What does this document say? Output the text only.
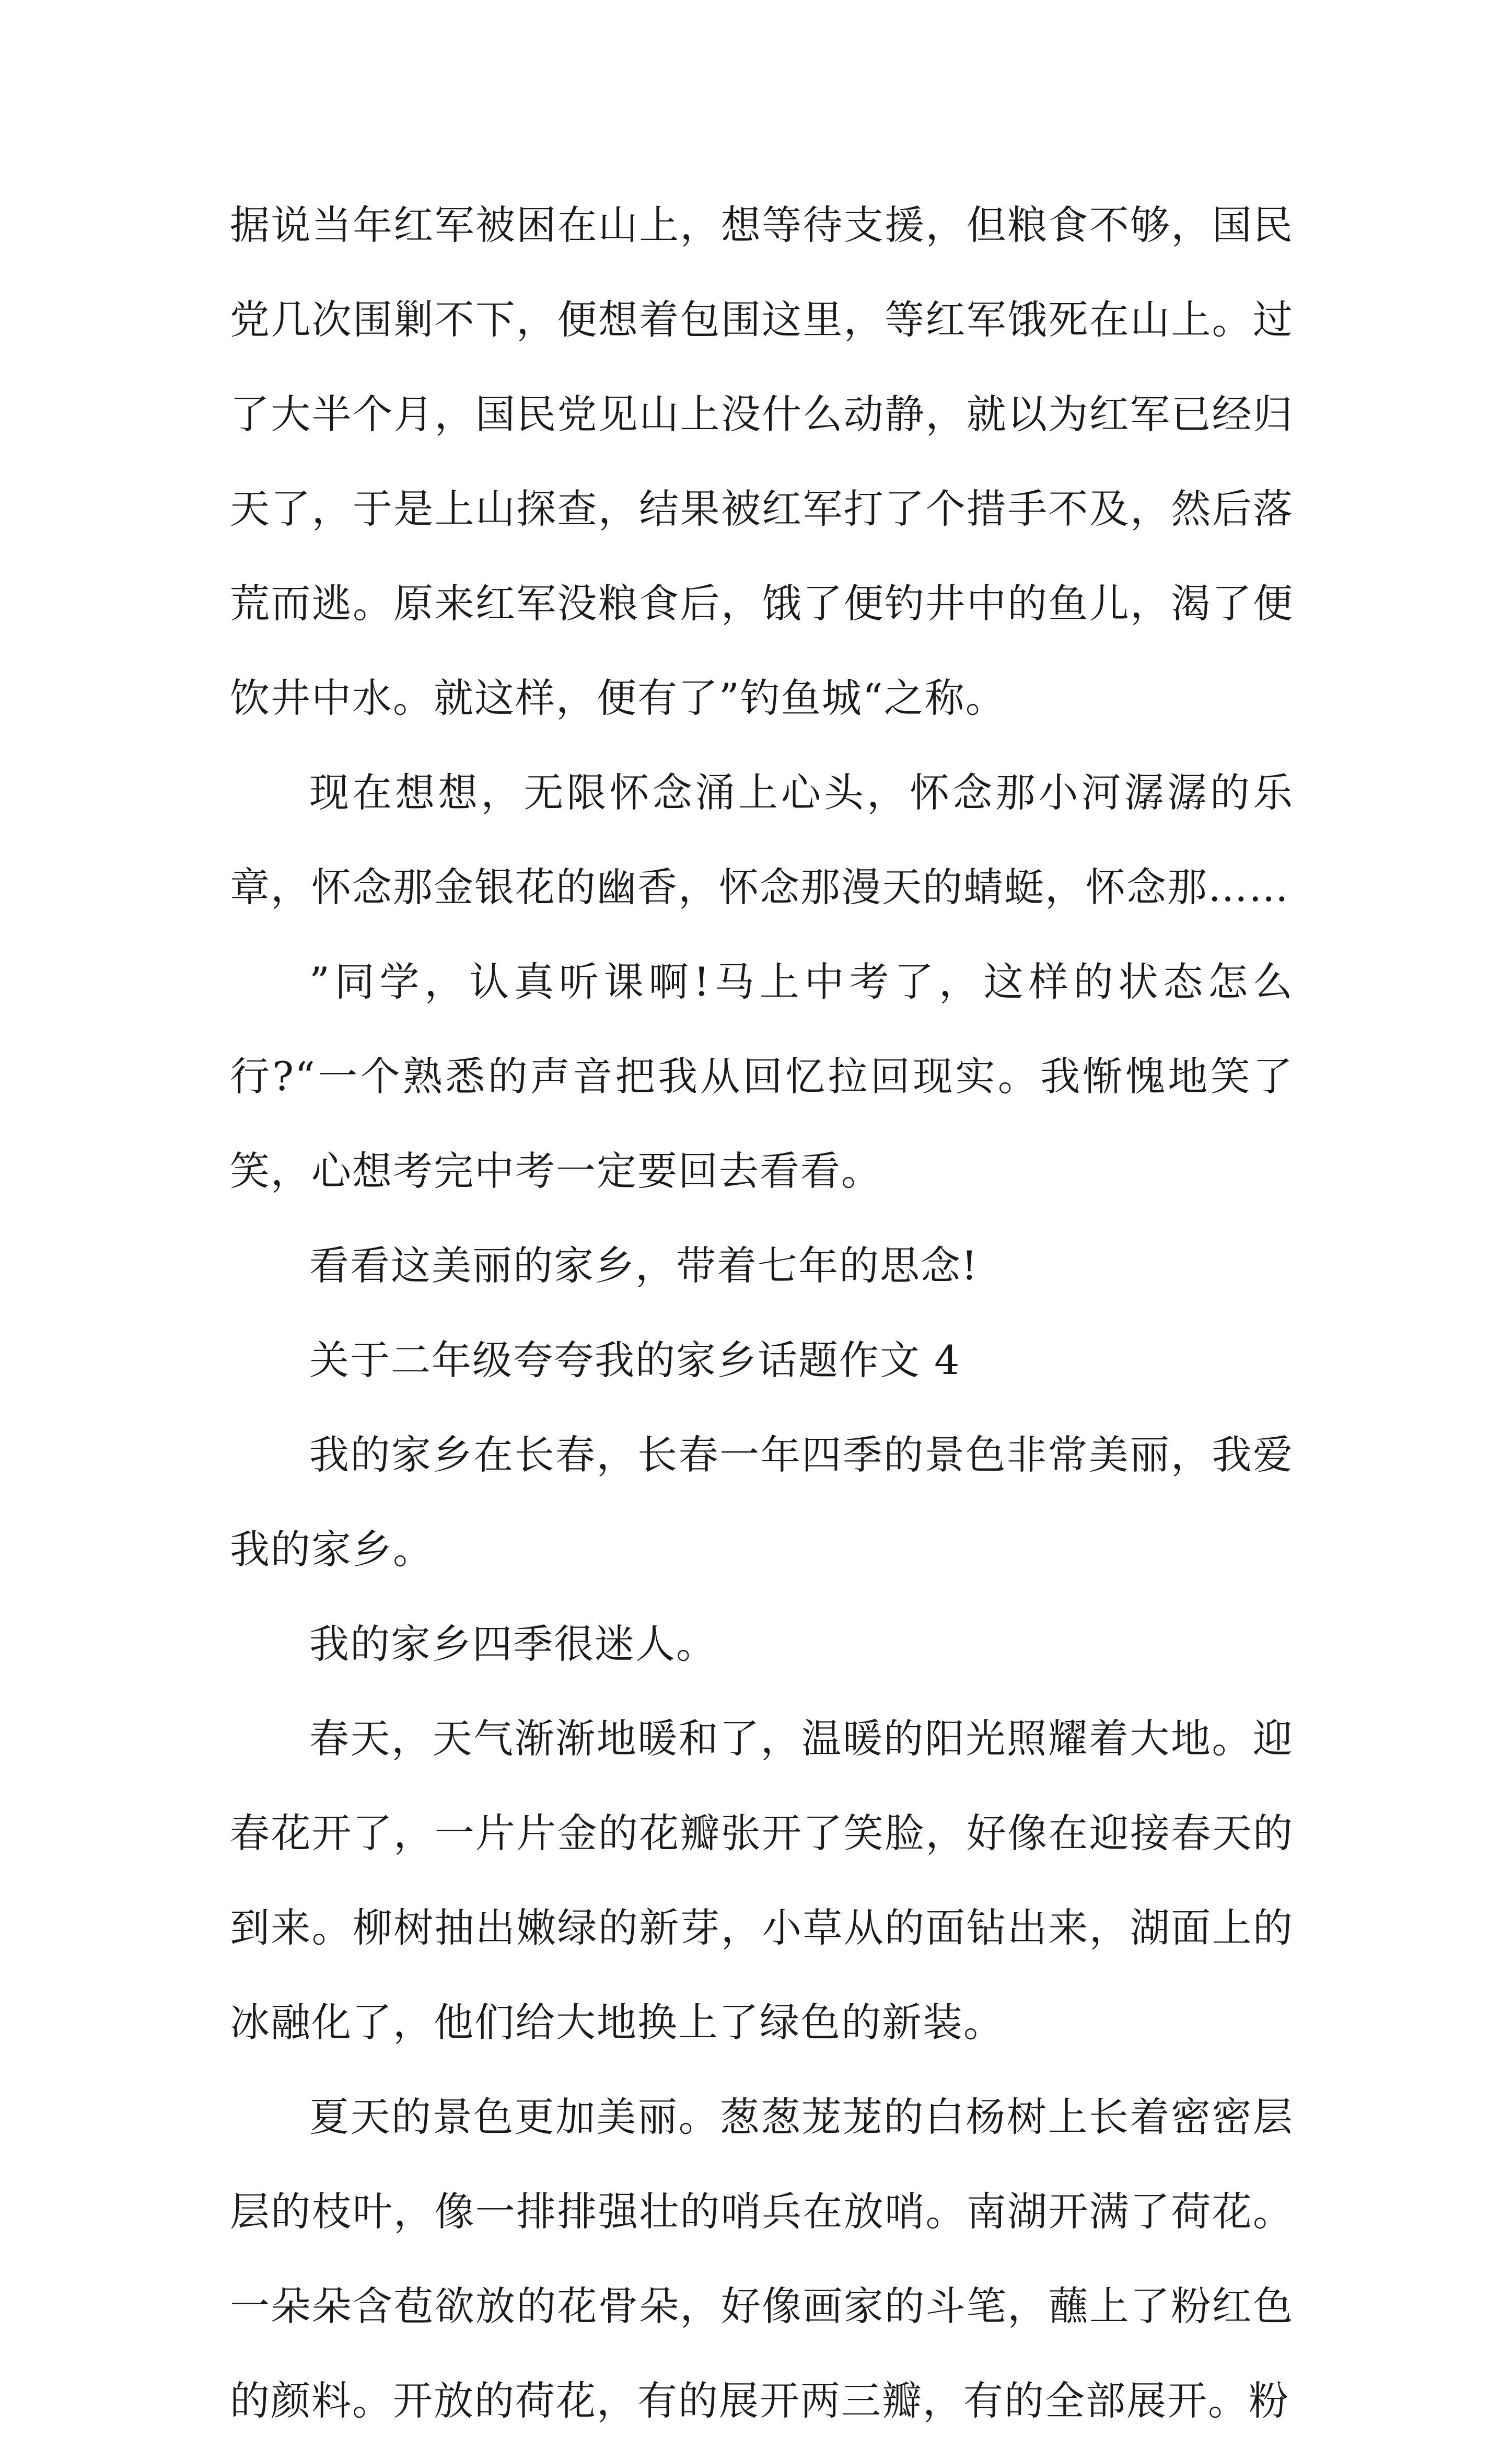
据说当年红军被困在山上，想等待支援，但粮食不够，国民党几次围剿不下，便想着包围这里，等红军饿死在山上。过了大半个月，国民党见山上没什么动静，就以为红军已经归天了，于是上山探查，结果被红军打了个措手不及，然后落荒而逃。原来红军没粮食后，饿了便钓井中的鱼儿，渴了便饮井中水。就这样，便有了”钓鱼城“之称。

现在想想，无限怀念涌上心头，怀念那小河潺潺的乐章，怀念那金银花的幽香，怀念那漫天的蜻蜓，怀念那……

”同学，认真听课啊!马上中考了，这样的状态怎么行?“一个熟悉的声音把我从回忆拉回现实。我惭愧地笑了笑，心想考完中考一定要回去看看。

看看这美丽的家乡，带着七年的思念!

关于二年级夸夸我的家乡话题作文 4

我的家乡在长春，长春一年四季的景色非常美丽，我爱我的家乡。

我的家乡四季很迷人。

春天，天气渐渐地暖和了，温暖的阳光照耀着大地。迎春花开了，一片片金的花瓣张开了笑脸，好像在迎接春天的到来。柳树抽出嫩绿的新芽，小草从的面钻出来，湖面上的冰融化了，他们给大地换上了绿色的新装。

夏天的景色更加美丽。葱葱茏茏的白杨树上长着密密层层的枝叶，像一排排强壮的哨兵在放哨。南湖开满了荷花。一朵朵含苞欲放的花骨朵，好像画家的斗笔，蘸上了粉红色的颜料。开放的荷花，有的展开两三瓣，有的全部展开。粉
